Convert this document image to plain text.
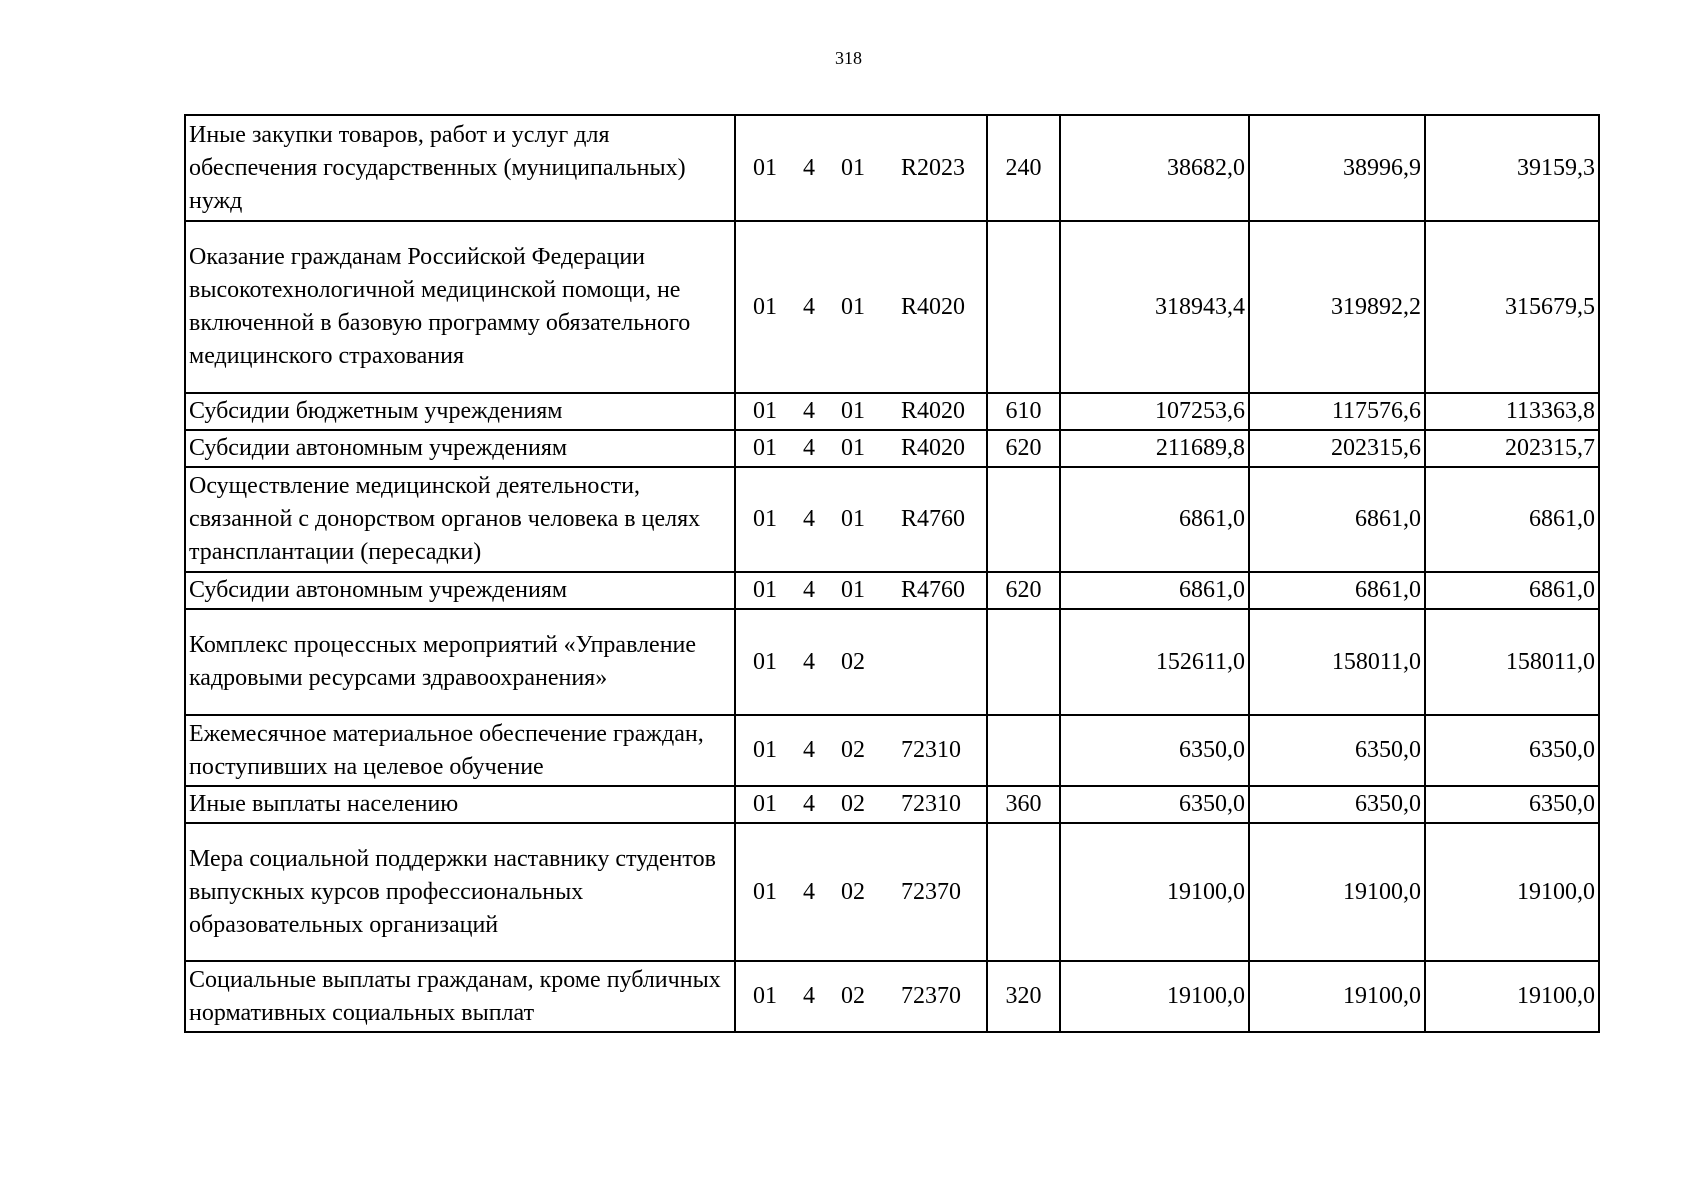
318
Иные закупки товаров, работ и услуг для обеспечения государственных (муниципальных) нужд	01 4 01 R2023	240	38682,0	38996,9	39159,3
Оказание гражданам Российской Федерации высокотехнологичной медицинской помощи, не включенной в базовую программу обязательного медицинского страхования	01 4 01 R4020		318943,4	319892,2	315679,5
Субсидии бюджетным учреждениям	01 4 01 R4020	610	107253,6	117576,6	113363,8
Субсидии автономным учреждениям	01 4 01 R4020	620	211689,8	202315,6	202315,7
Осуществление медицинской деятельности, связанной с донорством органов человека в целях трансплантации (пересадки)	01 4 01 R4760		6861,0	6861,0	6861,0
Субсидии автономным учреждениям	01 4 01 R4760	620	6861,0	6861,0	6861,0
Комплекс процессных мероприятий «Управление кадровыми ресурсами здравоохранения»	01 4 02		152611,0	158011,0	158011,0
Ежемесячное материальное обеспечение граждан, поступивших на целевое обучение	01 4 02 72310		6350,0	6350,0	6350,0
Иные выплаты населению	01 4 02 72310	360	6350,0	6350,0	6350,0
Мера социальной поддержки наставнику студентов выпускных курсов профессиональных образовательных организаций	01 4 02 72370		19100,0	19100,0	19100,0
Социальные выплаты гражданам, кроме публичных нормативных социальных выплат	01 4 02 72370	320	19100,0	19100,0	19100,0
